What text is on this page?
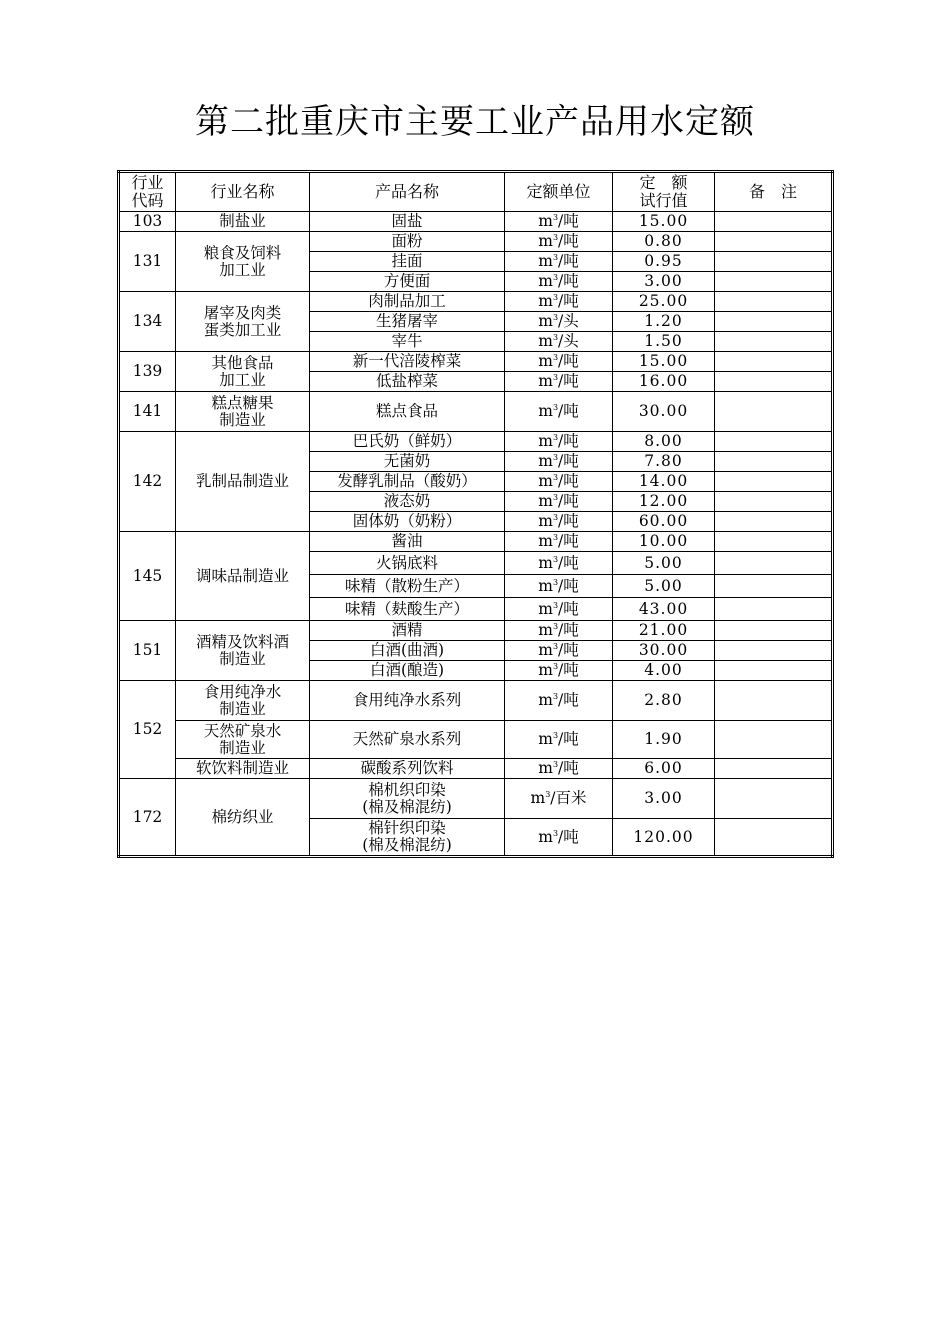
第二批重庆市主要工业产品用水定额
行业
代码	行业名称	产品名称	定额单位	定　额
试行值	备　注

103	制盐业	固盐	$m^3/$吨	15.00	

131	粮食及饲料
加工业	面粉	$m^3/$吨	0.80	

		挂面	$m^3/$吨	0.95	

		方便面	$m^3/$吨	3.00	

134	屠宰及肉类
蛋类加工业	肉制品加工	$m^3/$吨	25.00	

		生猪屠宰	$m^3/$头	1.20	

		宰牛	$m^3/$头	1.50	

139	其他食品
加工业	新一代涪陵榨菜	$m^3/$吨	15.00	

		低盐榨菜	$m^3/$吨	16.00	

141	糕点糖果
制造业	糕点食品	$m^3/$吨	30.00	

142	乳制品制造业	巴氏奶（鲜奶）	$m^3/$吨	8.00	

		无菌奶	$m^3/$吨	7.80	

		发酵乳制品（酸奶）	$m^3/$吨	14.00	

		液态奶	$m^3/$吨	12.00	

		固体奶（奶粉）	$m^3/$吨	60.00	

145	调味品制造业	酱油	$m^3/$吨	10.00	

		火锅底料	$m^3/$吨	5.00	

		味精（散粉生产）	$m^3/$吨	5.00	

		味精（麸酸生产）	$m^3/$吨	43.00	

151	酒精及饮料酒
制造业	酒精	$m^3/$吨	21.00	

		白酒(曲酒)	$m^3/$吨	30.00	

		白酒(酿造)	$m^3/$吨	4.00	

152	食用纯净水
制造业	食用纯净水系列	$m^3/$吨	2.80	

	天然矿泉水
制造业	天然矿泉水系列	$m^3/$吨	1.90	

	软饮料制造业	碳酸系列饮料	$m^3/$吨	6.00	

172	棉纺织业	棉机织印染
(棉及棉混纺)	$m^3/$百米	3.00	

		棉针织印染
(棉及棉混纺)	$m^3/$吨	120.00	
